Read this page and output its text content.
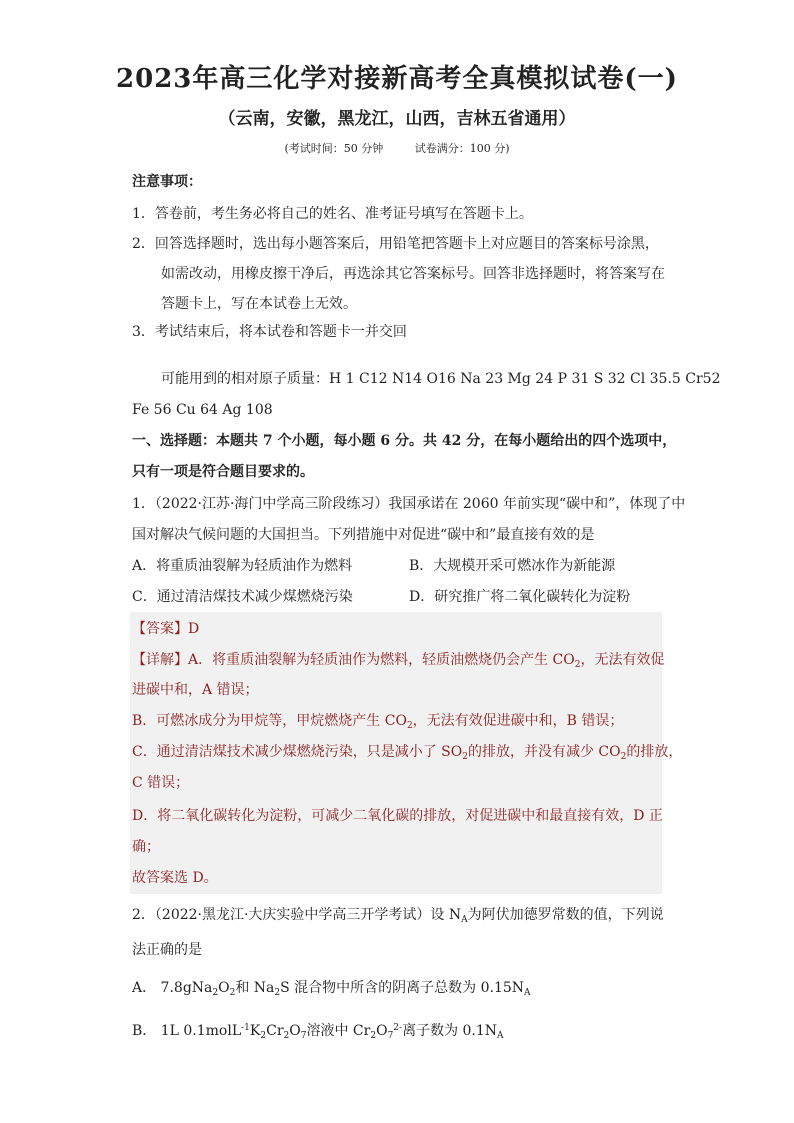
2023年高三化学对接新高考全真模拟试卷(一)
（云南，安徽，黑龙江，山西，吉林五省通用）
(考试时间：50 分钟	试卷满分：100 分)
注意事项：
1．答卷前，考生务必将自己的姓名、准考证号填写在答题卡上。
2．回答选择题时，选出每小题答案后，用铅笔把答题卡上对应题目的答案标号涂黑，
如需改动，用橡皮擦干净后，再选涂其它答案标号。回答非选择题时，将答案写在
答题卡上，写在本试卷上无效。
3．考试结束后，将本试卷和答题卡一并交回
可能用到的相对原子质量：H 1 C12 N14 O16 Na 23 Mg 24 P 31 S 32 Cl 35.5 Cr52
Fe 56 Cu 64 Ag 108
一、选择题：本题共 7 个小题，每小题 6 分。共 42 分，在每小题给出的四个选项中，
只有一项是符合题目要求的。
1．（2022·江苏·海门中学高三阶段练习）我国承诺在 2060 年前实现“碳中和”，体现了中
国对解决气候问题的大国担当。下列措施中对促进“碳中和”最直接有效的是
A．将重质油裂解为轻质油作为燃料	B．大规模开采可燃冰作为新能源
C．通过清洁煤技术减少煤燃烧污染	D．研究推广将二氧化碳转化为淀粉
【答案】D
【详解】A．将重质油裂解为轻质油作为燃料，轻质油燃烧仍会产生 $CO_2$，无法有效促
进碳中和，A 错误；
B．可燃冰成分为甲烷等，甲烷燃烧产生 $CO_2$，无法有效促进碳中和，B 错误；
C．通过清洁煤技术减少煤燃烧污染，只是减小了 $SO_2$的排放，并没有减少 $CO_2$的排放，
C 错误；
D．将二氧化碳转化为淀粉，可减少二氧化碳的排放，对促进碳中和最直接有效，D 正
确；
故答案选 D。
2．（2022·黑龙江·大庆实验中学高三开学考试）设 $N_A$为阿伏加德罗常数的值，下列说
法正确的是
A． $7.8gNa_2O_2$和 $Na_2S$ 混合物中所含的阴离子总数为 $0.15N_A$
B． 1L $0.1molL^{-1}K_2Cr_2O_7$溶液中 $Cr_2O_7^{2-}$离子数为 $0.1N_A$
